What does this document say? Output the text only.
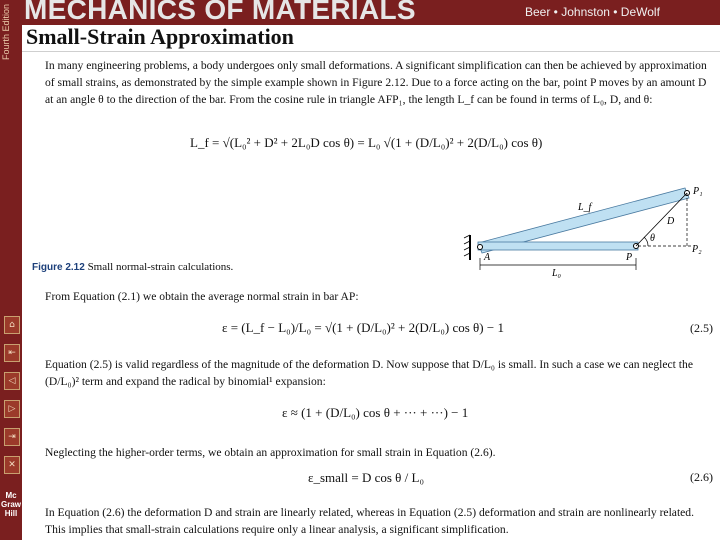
Fourth Edition MECHANICS OF MATERIALS	Beer • Johnston • DeWolf
Small-Strain Approximation
⌂
⇤
◁
▷
⇥
✕
Mc Graw Hill

In many engineering problems, a body undergoes only small deformations. A significant simplification can then be achieved by approximation of small strains, as demonstrated by the simple example shown in Figure 2.12. Due to a force acting on the bar, point P moves by an amount D at an angle θ to the direction of the bar. From the cosine rule in triangle AFP₁, the length L_f can be found in terms of L₀, D, and θ:

L_f = √(L₀² + D² + 2L₀D cos θ) = L₀ √(1 + (D/L₀)² + 2(D/L₀) cos θ)
P₁
L_f
D
θ
P₂
A	P
L₀
Figure 2.12 Small normal-strain calculations.

From Equation (2.1) we obtain the average normal strain in bar AP:

ε = (L_f − L₀)/L₀ = √(1 + (D/L₀)² + 2(D/L₀) cos θ) − 1	(2.5)

Equation (2.5) is valid regardless of the magnitude of the deformation D. Now suppose that D/L₀ is small. In such a case we can neglect the (D/L₀)² term and expand the radical by binomial¹ expansion:

ε ≈ (1 + (D/L₀) cos θ + ··· + ···) − 1

Neglecting the higher-order terms, we obtain an approximation for small strain in Equation (2.6).

ε_small = D cos θ / L₀	(2.6)

In Equation (2.6) the deformation D and strain are linearly related, whereas in Equation (2.5) deformation and strain are nonlinearly related. This implies that small-strain calculations require only a linear analysis, a significant simplification.
